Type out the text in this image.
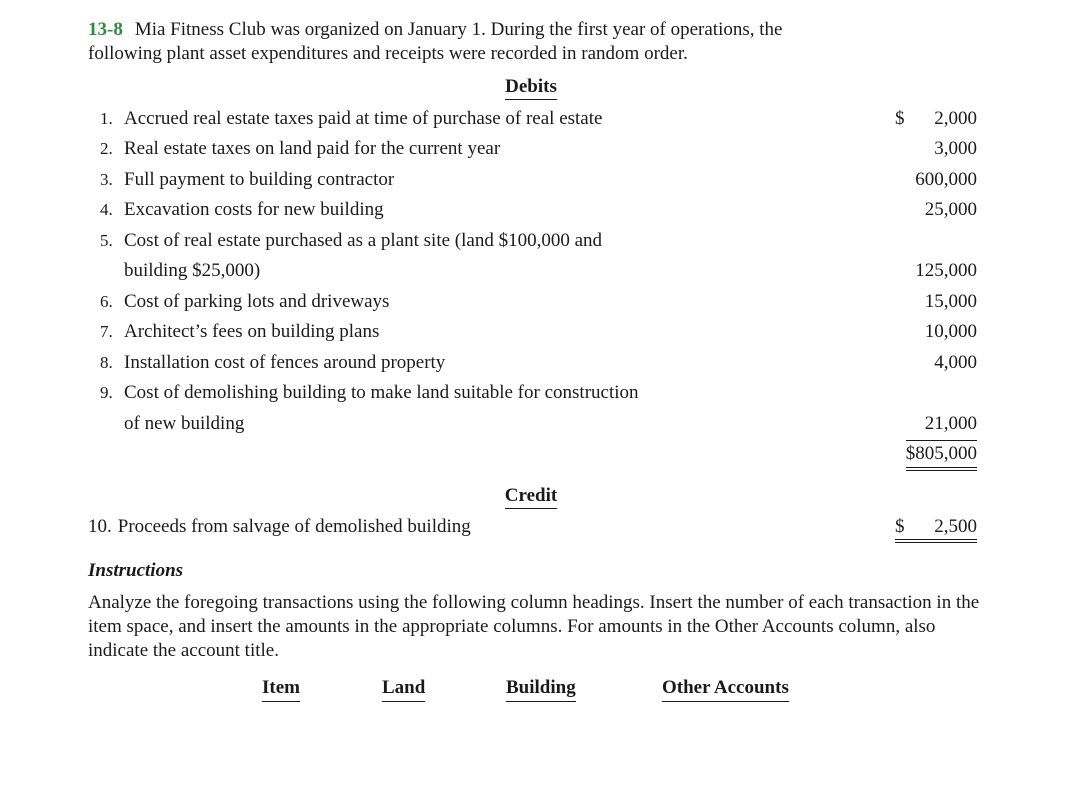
13-8 Mia Fitness Club was organized on January 1. During the first year of operations, the
following plant asset expenditures and receipts were recorded in random order.
Debits
1. Accrued real estate taxes paid at time of purchase of real estate	$ 2,000
2. Real estate taxes on land paid for the current year	3,000
3. Full payment to building contractor	600,000
4. Excavation costs for new building	25,000
5. Cost of real estate purchased as a plant site (land $100,000 and
building $25,000)	125,000
6. Cost of parking lots and driveways	15,000
7. Architect’s fees on building plans	10,000
8. Installation cost of fences around property	4,000
9. Cost of demolishing building to make land suitable for construction
of new building	21,000
$805,000
Credit
10. Proceeds from salvage of demolished building	$ 2,500
Instructions
Analyze the foregoing transactions using the following column headings. Insert the number of each transaction in the item space, and insert the amounts in the appropriate columns. For amounts in the Other Accounts column, also indicate the account title.
Item	Land	Building	Other Accounts
